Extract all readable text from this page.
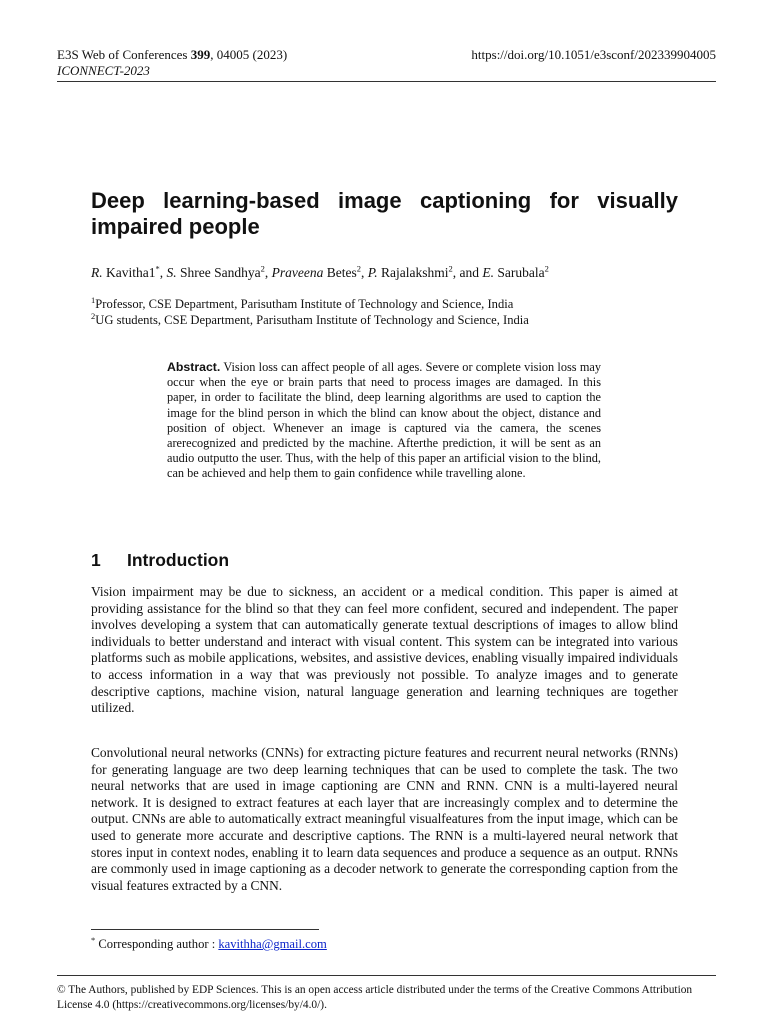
E3S Web of Conferences 399, 04005 (2023)
ICONNECT-2023
https://doi.org/10.1051/e3sconf/202339904005
Deep learning-based image captioning for visually impaired people
R. Kavitha1*, S. Shree Sandhya$^2$, Praveena Betes$^2$, P. Rajalakshmi$^2$, and E. Sarubala$^2$
$^1$Professor, CSE Department, Parisutham Institute of Technology and Science, India
$^2$UG students, CSE Department, Parisutham Institute of Technology and Science, India

Abstract. Vision loss can affect people of all ages. Severe or complete vision loss may occur when the eye or brain parts that need to process images are damaged. In this paper, in order to facilitate the blind, deep learning algorithms are used to caption the image for the blind person in which the blind can know about the object, distance and position of object. Whenever an image is captured via the camera, the scenes arerecognized and predicted by the machine. Afterthe prediction, it will be sent as an audio outputto the user. Thus, with the help of this paper an artificial vision to the blind, can be achieved and help them to gain confidence while travelling alone.

1 Introduction

Vision impairment may be due to sickness, an accident or a medical condition. This paper is aimed at providing assistance for the blind so that they can feel more confident, secured and independent. The paper involves developing a system that can automatically generate textual descriptions of images to allow blind individuals to better understand and interact with visual content. This system can be integrated into various platforms such as mobile applications, websites, and assistive devices, enabling visually impaired individuals to access information in a way that was previously not possible. To analyze images and to generate descriptive captions, machine vision, natural language generation and learning techniques are together utilized.

Convolutional neural networks (CNNs) for extracting picture features and recurrent neural networks (RNNs) for generating language are two deep learning techniques that can be used to complete the task. The two neural networks that are used in image captioning are CNN and RNN. CNN is a multi-layered neural network. It is designed to extract features at each layer that are increasingly complex and to determine the output. CNNs are able to automatically extract meaningful visualfeatures from the input image, which can be used to generate more accurate and descriptive captions. The RNN is a multi-layered neural network that stores input in context nodes, enabling it to learn data sequences and produce a sequence as an output. RNNs are commonly used in image captioning as a decoder network to generate the corresponding caption from the visual features extracted by a CNN.

* Corresponding author : kavithha@gmail.com
© The Authors, published by EDP Sciences. This is an open access article distributed under the terms of the Creative Commons Attribution License 4.0 (https://creativecommons.org/licenses/by/4.0/).
